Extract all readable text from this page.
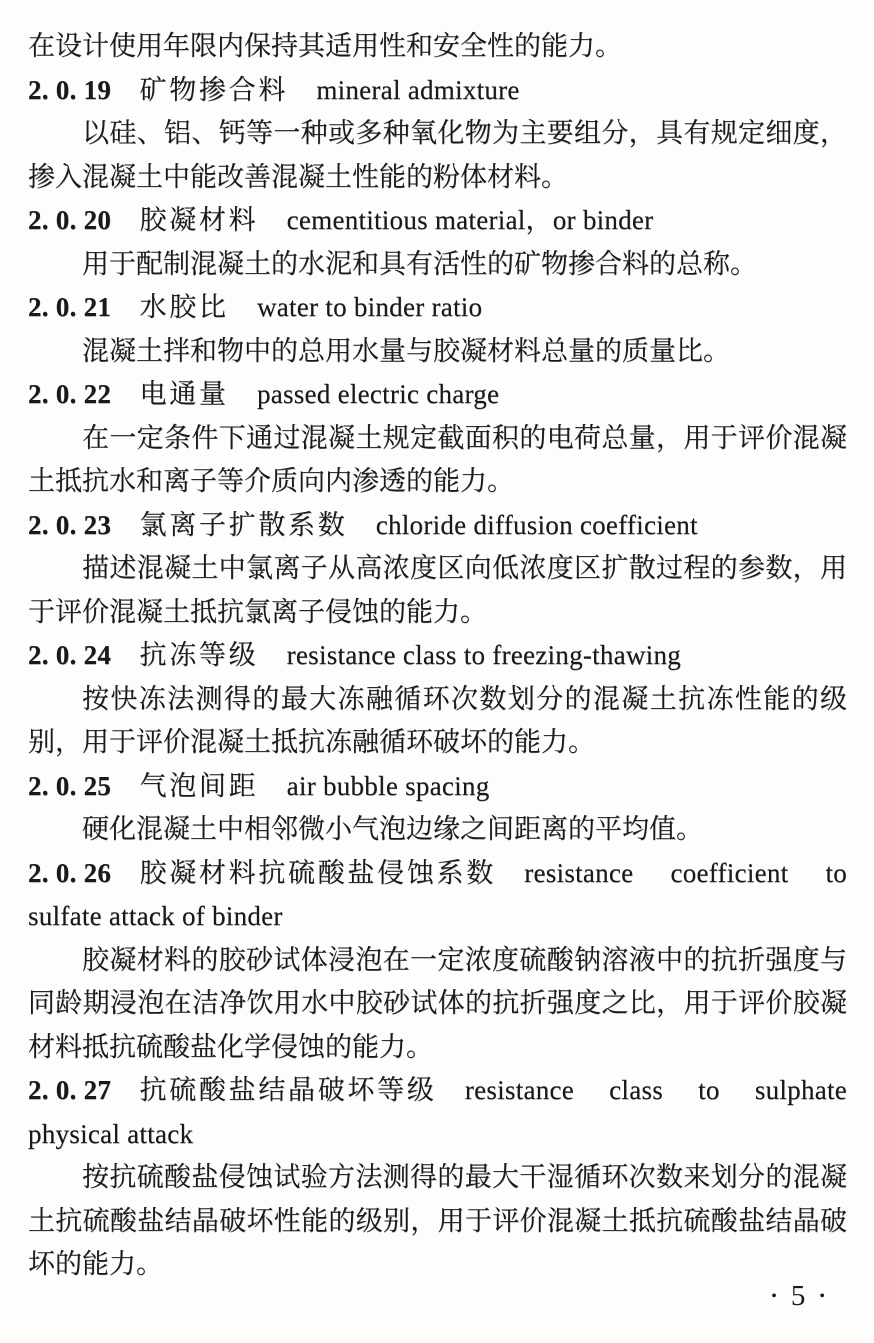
在设计使用年限内保持其适用性和安全性的能力。

2. 0. 19 矿物掺合料 mineral admixture

以硅、铝、钙等一种或多种氧化物为主要组分，具有规定细度，掺入混凝土中能改善混凝土性能的粉体材料。

2. 0. 20 胶凝材料 cementitious material，or binder

用于配制混凝土的水泥和具有活性的矿物掺合料的总称。

2. 0. 21 水胶比 water to binder ratio

混凝土拌和物中的总用水量与胶凝材料总量的质量比。

2. 0. 22 电通量 passed electric charge

在一定条件下通过混凝土规定截面积的电荷总量，用于评价混凝土抵抗水和离子等介质向内渗透的能力。

2. 0. 23 氯离子扩散系数 chloride diffusion coefficient

描述混凝土中氯离子从高浓度区向低浓度区扩散过程的参数，用于评价混凝土抵抗氯离子侵蚀的能力。

2. 0. 24 抗冻等级 resistance class to freezing-thawing

按快冻法测得的最大冻融循环次数划分的混凝土抗冻性能的级别，用于评价混凝土抵抗冻融循环破坏的能力。

2. 0. 25 气泡间距 air bubble spacing

硬化混凝土中相邻微小气泡边缘之间距离的平均值。

2. 0. 26 胶凝材料抗硫酸盐侵蚀系数 resistance coefficient to sulfate attack of binder

胶凝材料的胶砂试体浸泡在一定浓度硫酸钠溶液中的抗折强度与同龄期浸泡在洁净饮用水中胶砂试体的抗折强度之比，用于评价胶凝材料抵抗硫酸盐化学侵蚀的能力。

2. 0. 27 抗硫酸盐结晶破坏等级 resistance class to sulphate physical attack

按抗硫酸盐侵蚀试验方法测得的最大干湿循环次数来划分的混凝土抗硫酸盐结晶破坏性能的级别，用于评价混凝土抵抗硫酸盐结晶破坏的能力。

• 5 •
